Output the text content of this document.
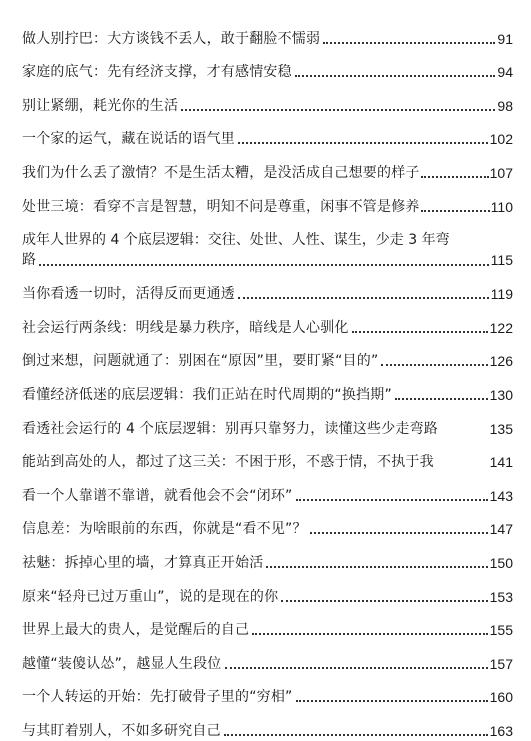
做人别拧巴：大方谈钱不丢人，敢于翻脸不懦弱	91
家庭的底气：先有经济支撑，才有感情安稳	94
别让紧绷，耗光你的生活	98
一个家的运气，藏在说话的语气里	102
我们为什么丢了激情？不是生活太糟，是没活成自己想要的样子	107
处世三境：看穿不言是智慧，明知不问是尊重，闲事不管是修养	110
成年人世界的 4 个底层逻辑：交往、处世、人性、谋生，少走 3 年弯
路	115
当你看透一切时，活得反而更通透	119
社会运行两条线：明线是暴力秩序，暗线是人心驯化	122
倒过来想，问题就通了：别困在“原因”里，要盯紧“目的”	126
看懂经济低迷的底层逻辑：我们正站在时代周期的“换挡期”	130
看透社会运行的 4 个底层逻辑：别再只靠努力，读懂这些少走弯路	135
能站到高处的人，都过了这三关：不困于形，不惑于情，不执于我	141
看一个人靠谱不靠谱，就看他会不会“闭环”	143
信息差：为啥眼前的东西，你就是“看不见”？	147
祛魅：拆掉心里的墙，才算真正开始活	150
原来“轻舟已过万重山”，说的是现在的你	153
世界上最大的贵人，是觉醒后的自己	155
越懂“装傻认怂”，越显人生段位	157
一个人转运的开始：先打破骨子里的“穷相”	160
与其盯着别人，不如多研究自己	163
